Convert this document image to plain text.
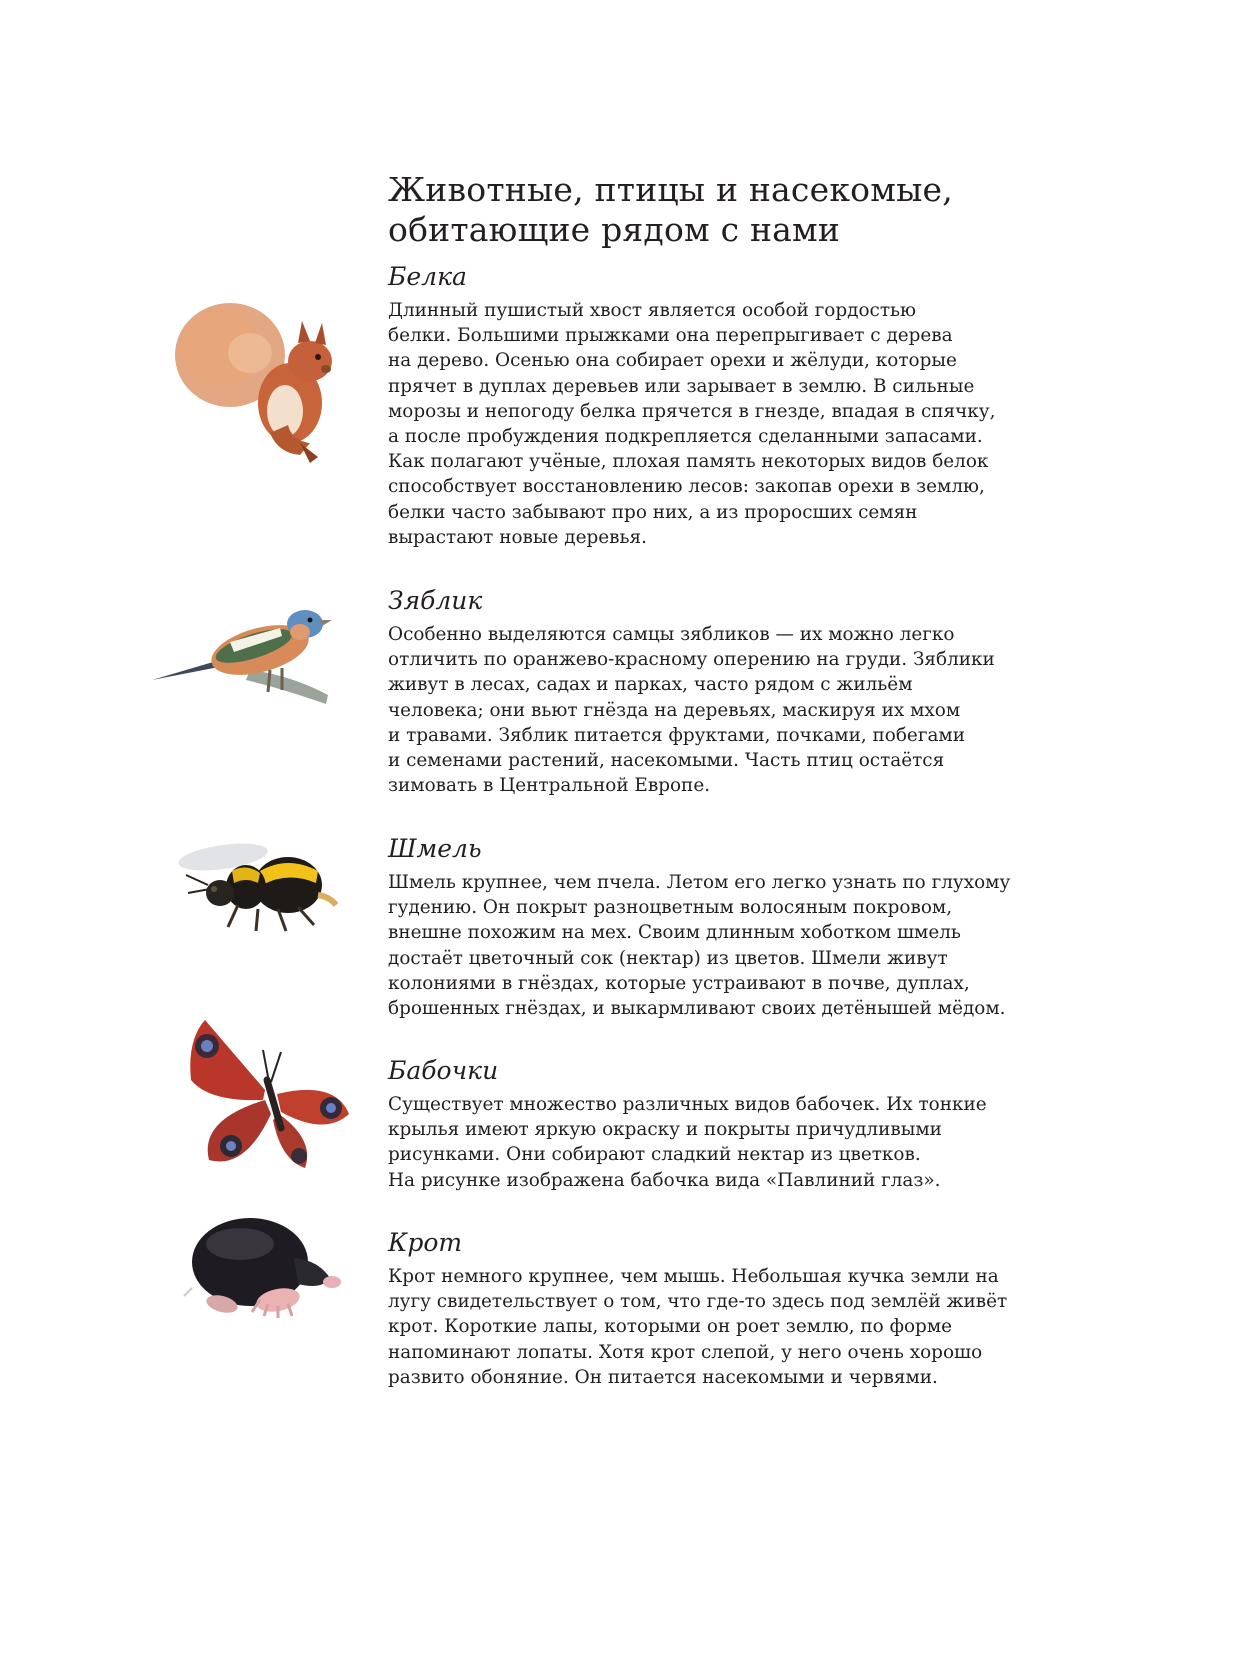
Животные, птицы и насекомые,
обитающие рядом с нами
Белка
Длинный пушистый хвост является особой гордостью
белки. Большими прыжками она перепрыгивает с дерева
на дерево. Осенью она собирает орехи и жёлуди, которые
прячет в дуплах деревьев или зарывает в землю. В сильные
морозы и непогоду белка прячется в гнезде, впадая в спячку,
а после пробуждения подкрепляется сделанными запасами.
Как полагают учёные, плохая память некоторых видов белок
способствует восстановлению лесов: закопав орехи в землю,
белки часто забывают про них, а из проросших семян
вырастают новые деревья.
Зяблик
Особенно выделяются самцы зябликов — их можно легко
отличить по оранжево-красному оперению на груди. Зяблики
живут в лесах, садах и парках, часто рядом с жильём
человека; они вьют гнёзда на деревьях, маскируя их мхом
и травами. Зяблик питается фруктами, почками, побегами
и семенами растений, насекомыми. Часть птиц остаётся
зимовать в Центральной Европе.
Шмель
Шмель крупнее, чем пчела. Летом его легко узнать по глухому
гудению. Он покрыт разноцветным волосяным покровом,
внешне похожим на мех. Своим длинным хоботком шмель
достаёт цветочный сок (нектар) из цветов. Шмели живут
колониями в гнёздах, которые устраивают в почве, дуплах,
брошенных гнёздах, и выкармливают своих детёнышей мёдом.
Бабочки
Существует множество различных видов бабочек. Их тонкие
крылья имеют яркую окраску и покрыты причудливыми
рисунками. Они собирают сладкий нектар из цветков.
На рисунке изображена бабочка вида «Павлиний глаз».
Крот
Крот немного крупнее, чем мышь. Небольшая кучка земли на
лугу свидетельствует о том, что где-то здесь под землёй живёт
крот. Короткие лапы, которыми он роет землю, по форме
напоминают лопаты. Хотя крот слепой, у него очень хорошо
развито обоняние. Он питается насекомыми и червями.
